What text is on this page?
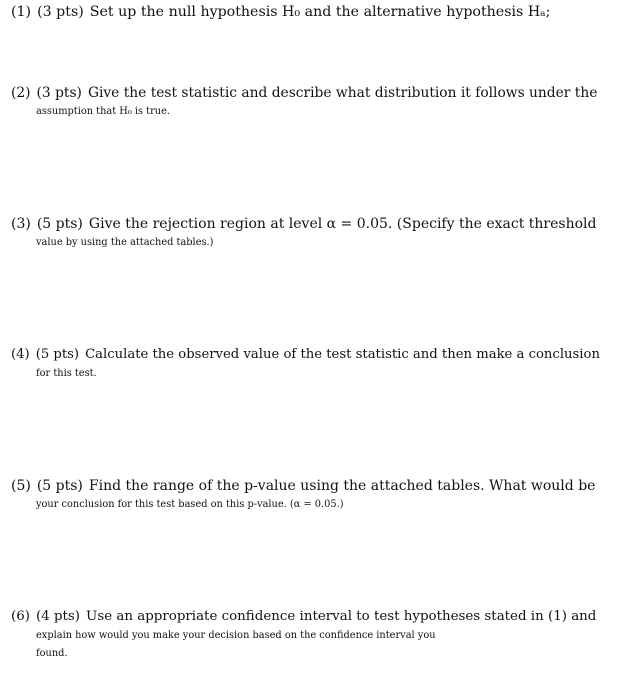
(1) (3 pts) Set up the null hypothesis H₀ and the alternative hypothesis Hₐ;
(2) (3 pts) Give the test statistic and describe what distribution it follows under the
assumption that H₀ is true.
(3) (5 pts) Give the rejection region at level α = 0.05. (Specify the exact threshold
value by using the attached tables.)
(4) (5 pts) Calculate the observed value of the test statistic and then make a conclusion
for this test.
(5) (5 pts) Find the range of the p-value using the attached tables. What would be
your conclusion for this test based on this p-value. (α = 0.05.)
(6) (4 pts) Use an appropriate confidence interval to test hypotheses stated in (1) and
explain how would you make your decision based on the confidence interval you
found.
